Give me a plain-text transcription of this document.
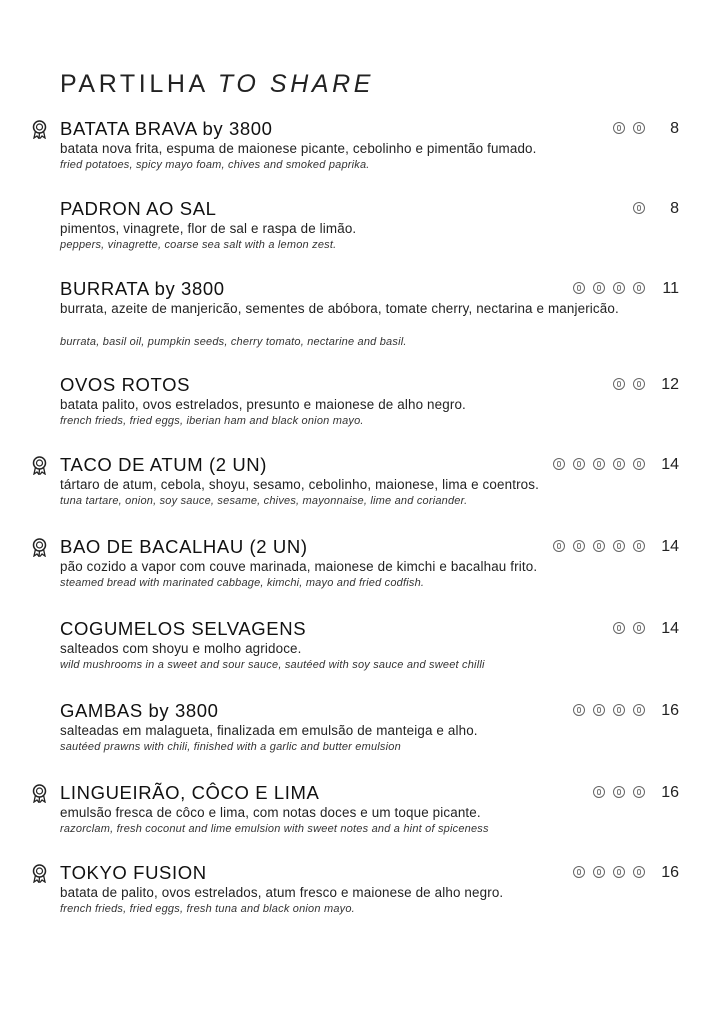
PARTILHA TO SHARE
BATATA BRAVA by 3800	8

batata nova frita, espuma de maionese picante, cebolinho e pimentão fumado.

fried potatoes, spicy mayo foam, chives and smoked paprika.

PADRON AO SAL	8

pimentos, vinagrete, flor de sal e raspa de limão.

peppers, vinagrette, coarse sea salt with a lemon zest.

BURRATA by 3800	11

burrata, azeite de manjericão, sementes de abóbora, tomate cherry, nectarina e manjericão.

burrata, basil oil, pumpkin seeds, cherry tomato, nectarine and basil.

OVOS ROTOS	12

batata palito, ovos estrelados, presunto e maionese de alho negro.

french frieds, fried eggs, iberian ham and black onion mayo.

TACO DE ATUM (2 UN)	14

tártaro de atum, cebola, shoyu, sesamo, cebolinho, maionese, lima e coentros.

tuna tartare, onion, soy sauce, sesame, chives, mayonnaise, lime and coriander.

BAO DE BACALHAU (2 UN)	14

pão cozido a vapor com couve marinada, maionese de kimchi e bacalhau frito.

steamed bread with marinated cabbage, kimchi, mayo and fried codfish.

COGUMELOS SELVAGENS	14

salteados com shoyu e molho agridoce.

wild mushrooms in a sweet and sour sauce, sautéed with soy sauce and sweet chilli

GAMBAS by 3800	16

salteadas em malagueta, finalizada em emulsão de manteiga e alho.

sautéed prawns with chili, finished with a garlic and butter emulsion

LINGUEIRÃO, CÔCO E LIMA	16

emulsão fresca de côco e lima, com notas doces e um toque picante.

razorclam, fresh coconut and lime emulsion with sweet notes and a hint of spiceness

TOKYO FUSION	16

batata de palito, ovos estrelados, atum fresco e maionese de alho negro.

french frieds, fried eggs, fresh tuna and black onion mayo.
